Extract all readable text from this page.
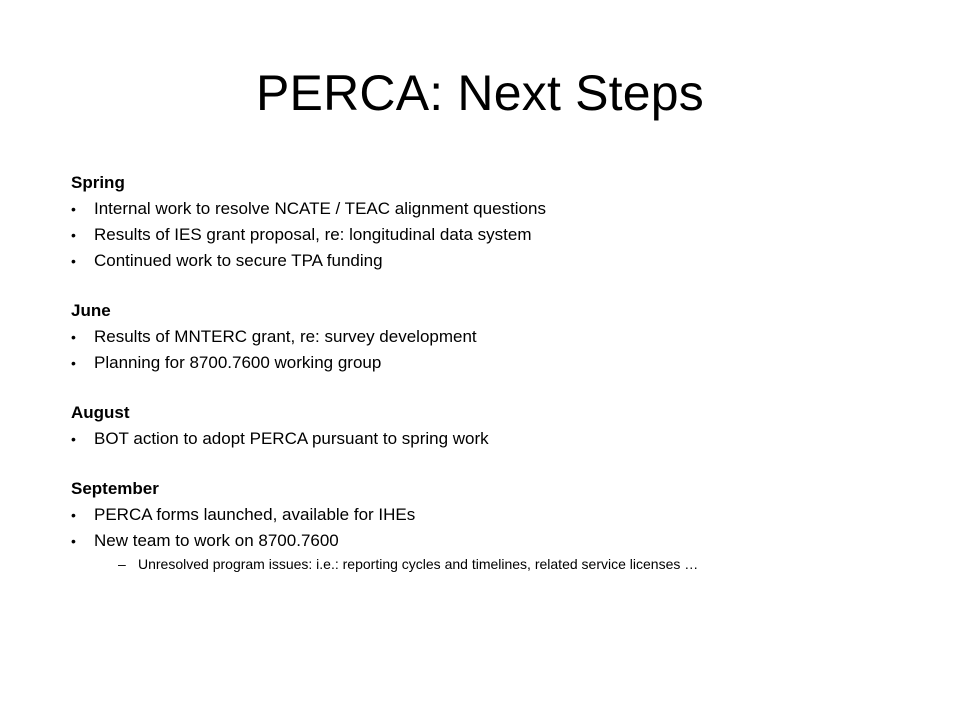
PERCA: Next Steps
Spring
• Internal work to resolve NCATE / TEAC alignment questions
• Results of IES grant proposal, re: longitudinal data system
• Continued work to secure TPA funding
June
• Results of MNTERC grant, re: survey development
• Planning for 8700.7600 working group
August
• BOT action to adopt PERCA pursuant to spring work
September
• PERCA forms launched, available for IHEs
• New team to work on 8700.7600
– Unresolved program issues: i.e.: reporting cycles and timelines, related service licenses …
